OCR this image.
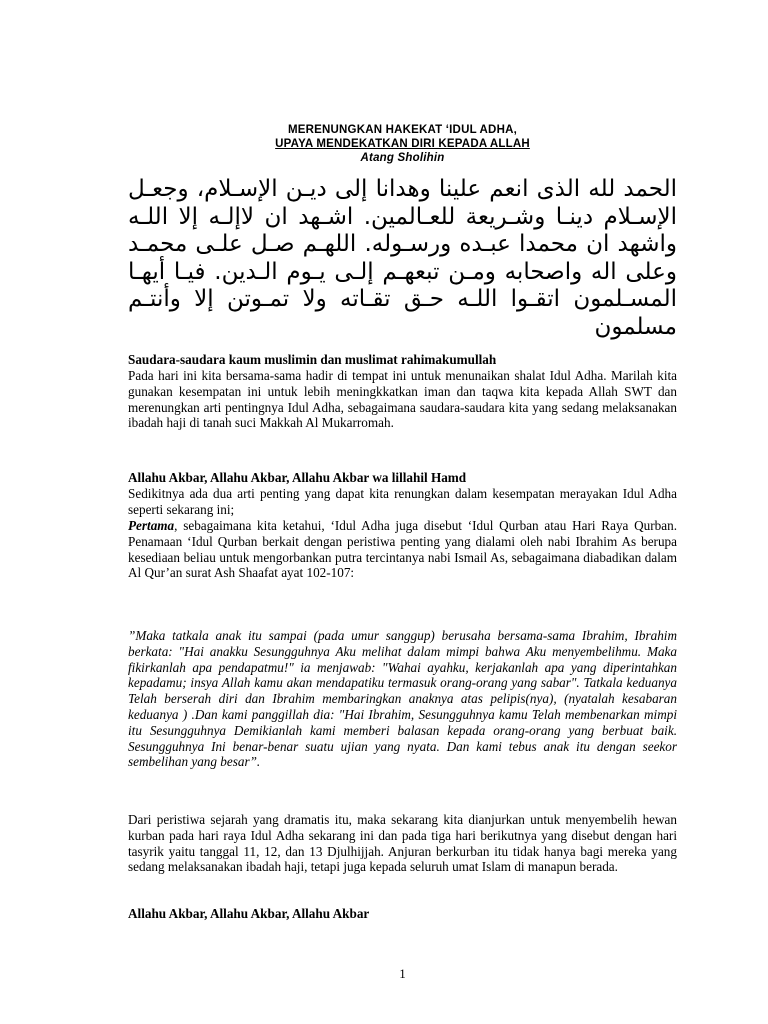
MERENUNGKAN HAKEKAT ‘IDUL ADHA,
UPAYA MENDEKATKAN DIRI KEPADA ALLAH
Atang Sholihin
الحمد لله الذى انعم علينا وهدانا إلى ديـن الإسـلام، وجعـل الإسـلام دينـا وشـريعة للعـالمين. اشـهد ان لاإلـه إلا اللـه واشهد ان محمدا عبـده ورسـوله. اللهـم صـل علـى محمـد وعلى اله واصحابه ومـن تبعهـم إلـى يـوم الـدين. فيـا أيهـا المسـلمون اتقـوا اللـه حـق تقـاته ولا تمـوتن إلا وأنتـم مسلمون
Saudara-saudara kaum muslimin dan muslimat rahimakumullah
Pada hari ini kita bersama-sama hadir di tempat ini untuk menunaikan shalat Idul Adha. Marilah kita gunakan kesempatan ini untuk lebih meningkkatkan iman dan taqwa kita kepada Allah SWT dan merenungkan arti pentingnya Idul Adha, sebagaimana saudara-saudara kita yang sedang melaksanakan ibadah haji di tanah suci Makkah Al Mukarromah.
Allahu Akbar, Allahu Akbar, Allahu Akbar wa lillahil Hamd
Sedikitnya ada dua arti penting yang dapat kita renungkan dalam kesempatan merayakan Idul Adha seperti sekarang ini;
Pertama, sebagaimana kita ketahui, ‘Idul Adha juga disebut ‘Idul Qurban atau Hari Raya Qurban. Penamaan ‘Idul Qurban berkait dengan peristiwa penting yang dialami oleh nabi Ibrahim As berupa kesediaan beliau untuk mengorbankan putra tercintanya nabi Ismail As, sebagaimana diabadikan dalam Al Qur’an surat Ash Shaafat ayat 102-107:
”Maka tatkala anak itu sampai (pada umur sanggup) berusaha bersama-sama Ibrahim, Ibrahim berkata: "Hai anakku Sesungguhnya Aku melihat dalam mimpi bahwa Aku menyembelihmu. Maka fikirkanlah apa pendapatmu!" ia menjawab: "Wahai ayahku, kerjakanlah apa yang diperintahkan kepadamu; insya Allah kamu akan mendapatiku termasuk orang-orang yang sabar". Tatkala keduanya Telah berserah diri dan Ibrahim membaringkan anaknya atas pelipis(nya), (nyatalah kesabaran keduanya ) .Dan kami panggillah dia: "Hai Ibrahim, Sesungguhnya kamu Telah membenarkan mimpi itu Sesungguhnya Demikianlah kami memberi balasan kepada orang-orang yang berbuat baik. Sesungguhnya Ini benar-benar suatu ujian yang nyata. Dan kami tebus anak itu dengan seekor sembelihan yang besar”.
Dari peristiwa sejarah yang dramatis itu, maka sekarang kita dianjurkan untuk menyembelih hewan kurban pada hari raya Idul Adha sekarang ini dan pada tiga hari berikutnya yang disebut dengan hari tasyrik yaitu tanggal 11, 12, dan 13 Djulhijjah. Anjuran berkurban itu tidak hanya bagi mereka yang sedang melaksanakan ibadah haji, tetapi juga kepada seluruh umat Islam di manapun berada.
Allahu Akbar, Allahu Akbar, Allahu Akbar
1
